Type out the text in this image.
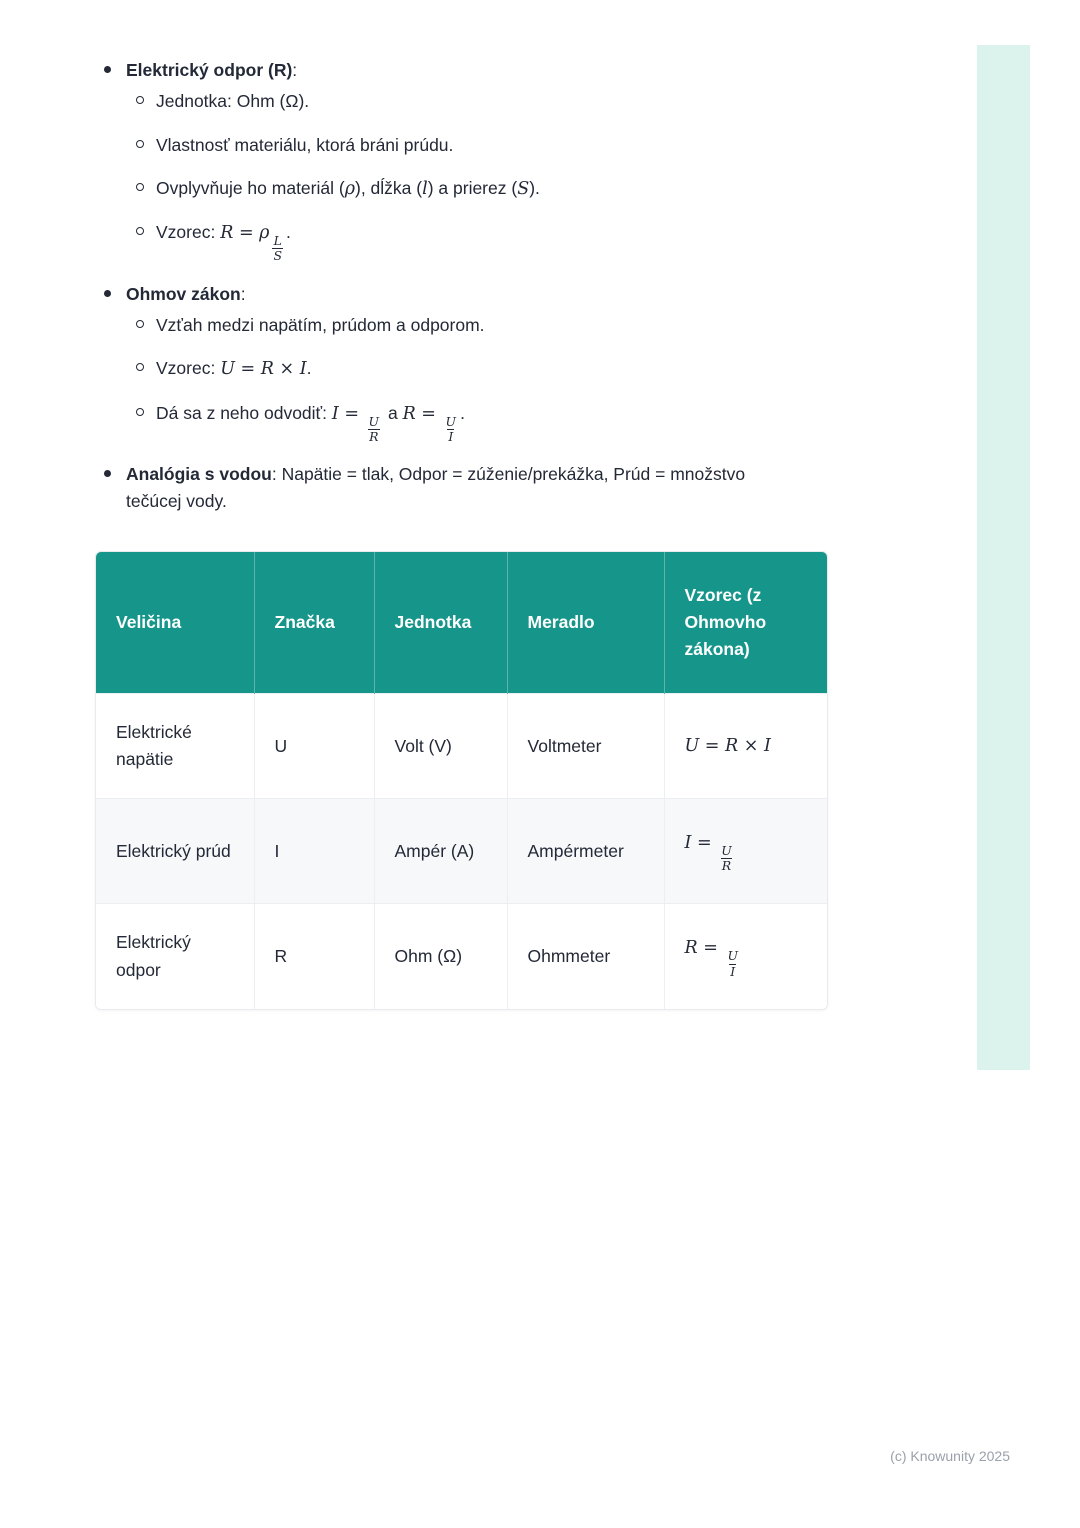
Elektrický odpor (R):
Jednotka: Ohm (Ω).
Vlastnosť materiálu, ktorá bráni prúdu.
Ovplyvňuje ho materiál (ρ), dĺžka (l) a prierez (S).
Vzorec: R = ρ
$\frac{L}{S}$
.
Ohmov zákon:
Vzťah medzi napätím, prúdom a odporom.
Vzorec: U = R × I.
Dá sa z neho odvodiť: I =
$\frac{U}{R}$
a R =
$\frac{U}{I}$
.
Analógia s vodou: Napätie = tlak, Odpor = zúženie/prekážka, Prúd = množstvo tečúcej vody.
Veličina	Značka	Jednotka	Meradlo	Vzorec (z Ohmovho zákona)
Elektrické napätie	U	Volt (V)	Voltmeter	U = R × I
Elektrický prúd	I	Ampér (A)	Ampérmeter	I =
$\frac{U}{R}$

Elektrický odpor	R	Ohm (Ω)	Ohmmeter	R =
$\frac{U}{I}$
(c) Knowunity 2025
